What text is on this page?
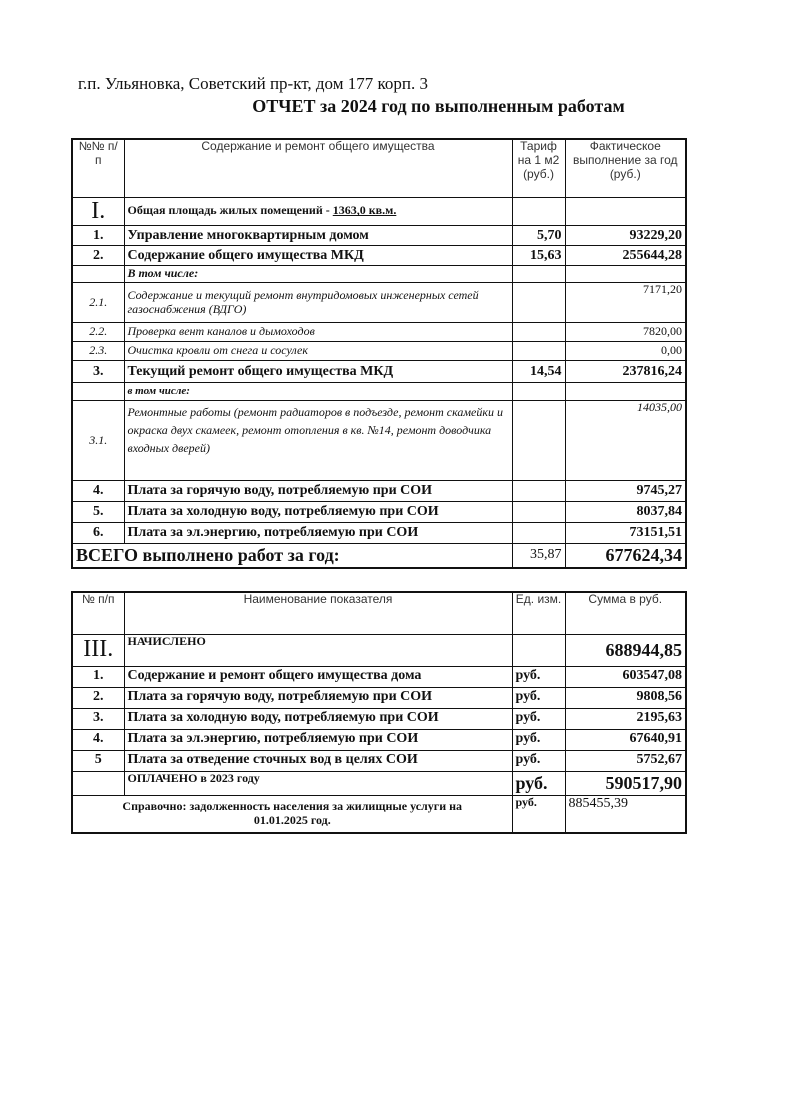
г.п. Ульяновка, Советский пр-кт, дом 177 корп. 3
ОТЧЕТ за 2024 год по выполненным работам
№№ п/п	Содержание и ремонт общего имущества	Тариф на 1 м2 (руб.)	Фактическое выполнение за год (руб.)
I.	Общая площадь жилых помещений - 1363,0 кв.м.		
1.	Управление многоквартирным домом	5,70	93229,20
2.	Содержание общего имущества МКД	15,63	255644,28
	В том числе:		
2.1.	Содержание и текущий ремонт внутридомовых инженерных сетей газоснабжения (ВДГО)		7171,20
2.2.	Проверка вент каналов и дымоходов		7820,00
2.3.	Очистка кровли от снега и сосулек		0,00
3.	Текущий ремонт общего имущества МКД	14,54	237816,24
	в том числе:		
3.1.	Ремонтные работы (ремонт радиаторов в подъезде, ремонт скамейки и окраска двух скамеек, ремонт отопления в кв. №14, ремонт доводчика входных дверей)		14035,00
4.	Плата за горячую воду, потребляемую при СОИ		9745,27
5.	Плата за холодную воду, потребляемую при СОИ		8037,84
6.	Плата за эл.энергию, потребляемую при СОИ		73151,51
ВСЕГО выполнено работ за год:		35,87	677624,34
№ п/п	Наименование показателя	Ед. изм.	Сумма в руб.
III.	НАЧИСЛЕНО		688944,85
1.	Содержание и ремонт общего имущества дома	руб.	603547,08
2.	Плата за горячую воду, потребляемую при СОИ	руб.	9808,56
3.	Плата за холодную воду, потребляемую при СОИ	руб.	2195,63
4.	Плата за эл.энергию, потребляемую при СОИ	руб.	67640,91
5	Плата за отведение сточных вод в целях СОИ	руб.	5752,67
	ОПЛАЧЕНО в 2023 году	руб.	590517,90
Справочно: задолженность населения за жилищные услуги на 01.01.2025 год.		руб.	885455,39
